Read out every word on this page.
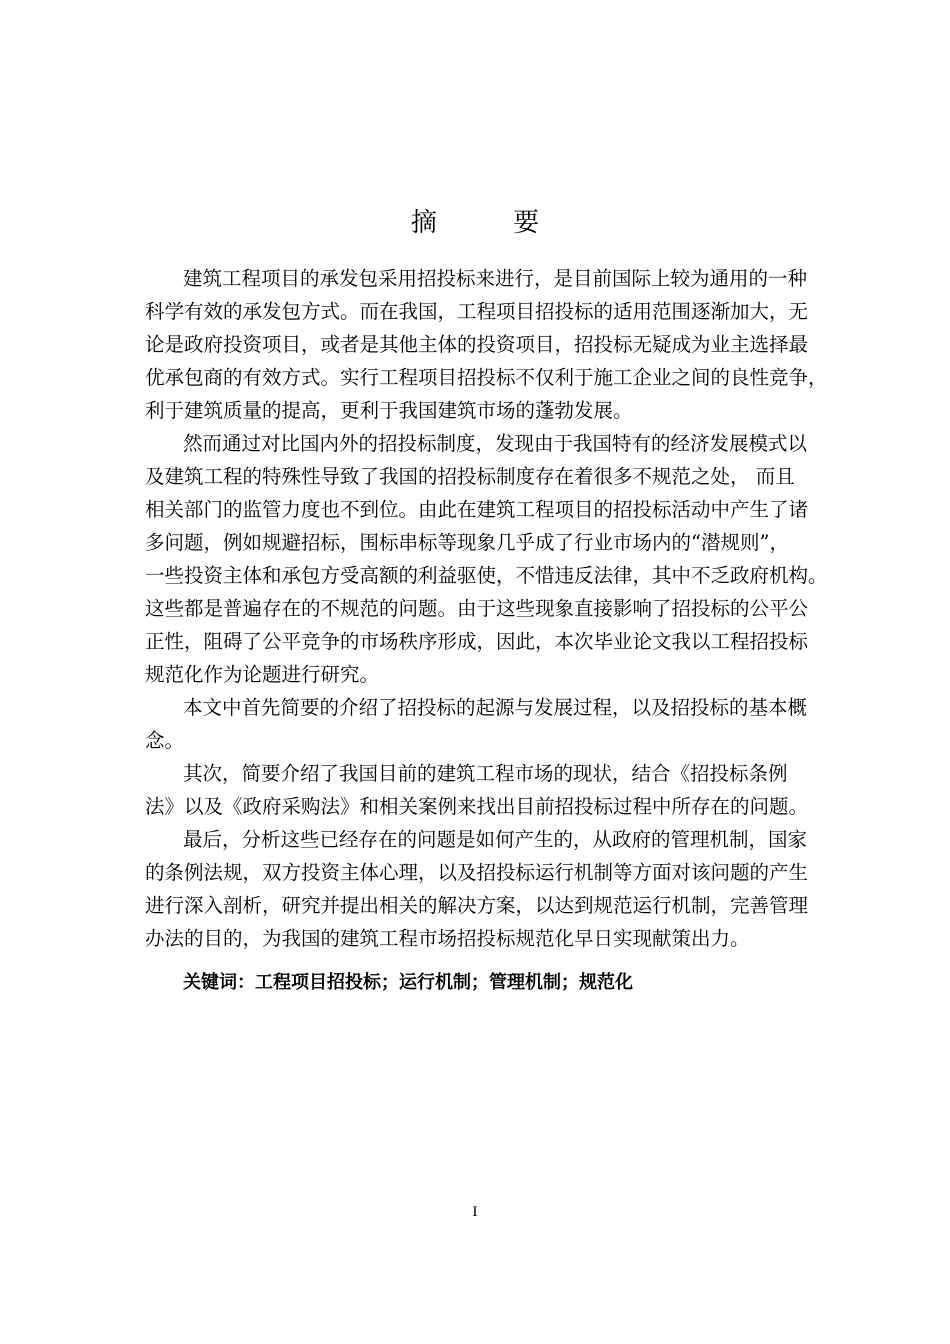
摘 要
建筑工程项目的承发包采用招投标来进行，是目前国际上较为通用的一种
科学有效的承发包方式。而在我国，工程项目招投标的适用范围逐渐加大，无
论是政府投资项目，或者是其他主体的投资项目，招投标无疑成为业主选择最
优承包商的有效方式。实行工程项目招投标不仅利于施工企业之间的良性竞争，
利于建筑质量的提高，更利于我国建筑市场的蓬勃发展。
然而通过对比国内外的招投标制度，发现由于我国特有的经济发展模式以
及建筑工程的特殊性导致了我国的招投标制度存在着很多不规范之处， 而且
相关部门的监管力度也不到位。由此在建筑工程项目的招投标活动中产生了诸
多问题，例如规避招标，围标串标等现象几乎成了行业市场内的“潜规则”，
一些投资主体和承包方受高额的利益驱使，不惜违反法律，其中不乏政府机构。
这些都是普遍存在的不规范的问题。由于这些现象直接影响了招投标的公平公
正性，阻碍了公平竞争的市场秩序形成，因此，本次毕业论文我以工程招投标
规范化作为论题进行研究。
本文中首先简要的介绍了招投标的起源与发展过程，以及招投标的基本概
念。
其次，简要介绍了我国目前的建筑工程市场的现状，结合《招投标条例
法》以及《政府采购法》和相关案例来找出目前招投标过程中所存在的问题。
最后，分析这些已经存在的问题是如何产生的，从政府的管理机制，国家
的条例法规，双方投资主体心理，以及招投标运行机制等方面对该问题的产生
进行深入剖析，研究并提出相关的解决方案，以达到规范运行机制，完善管理
办法的目的，为我国的建筑工程市场招投标规范化早日实现献策出力。
关键词：工程项目招投标；运行机制；管理机制；规范化
I
